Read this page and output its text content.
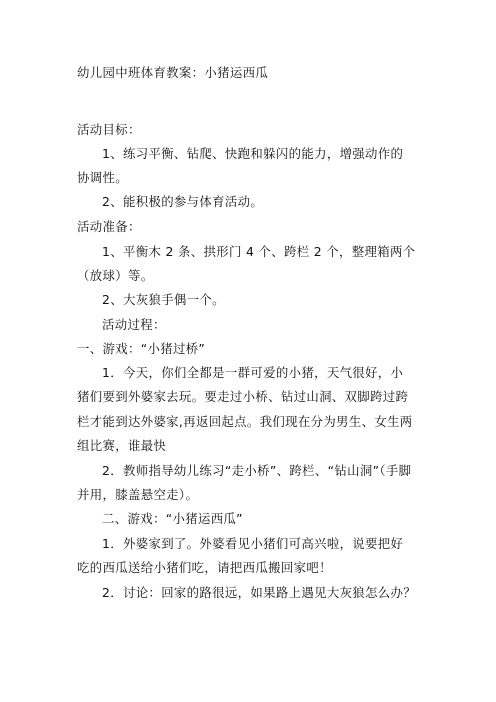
幼儿园中班体育教案：小猪运西瓜
活动目标：
1、练习平衡、钻爬、快跑和躲闪的能力，增强动作的
协调性。
2、能积极的参与体育活动。
活动准备：
1、平衡木 2 条、拱形门 4 个、跨栏 2 个，整理箱两个
（放球）等。
2、大灰狼手偶一个。
活动过程：
一、游戏：“小猪过桥”
1．今天，你们全都是一群可爱的小猪，天气很好，小
猪们要到外婆家去玩。要走过小桥、钻过山洞、双脚跨过跨
栏才能到达外婆家,再返回起点。我们现在分为男生、女生两
组比赛，谁最快
2．教师指导幼儿练习“走小桥”、跨栏、“钻山洞”（手脚
并用，膝盖悬空走）。
二、游戏：“小猪运西瓜”
1．外婆家到了。外婆看见小猪们可高兴啦，说要把好
吃的西瓜送给小猪们吃，请把西瓜搬回家吧！
2．讨论：回家的路很远，如果路上遇见大灰狼怎么办？
